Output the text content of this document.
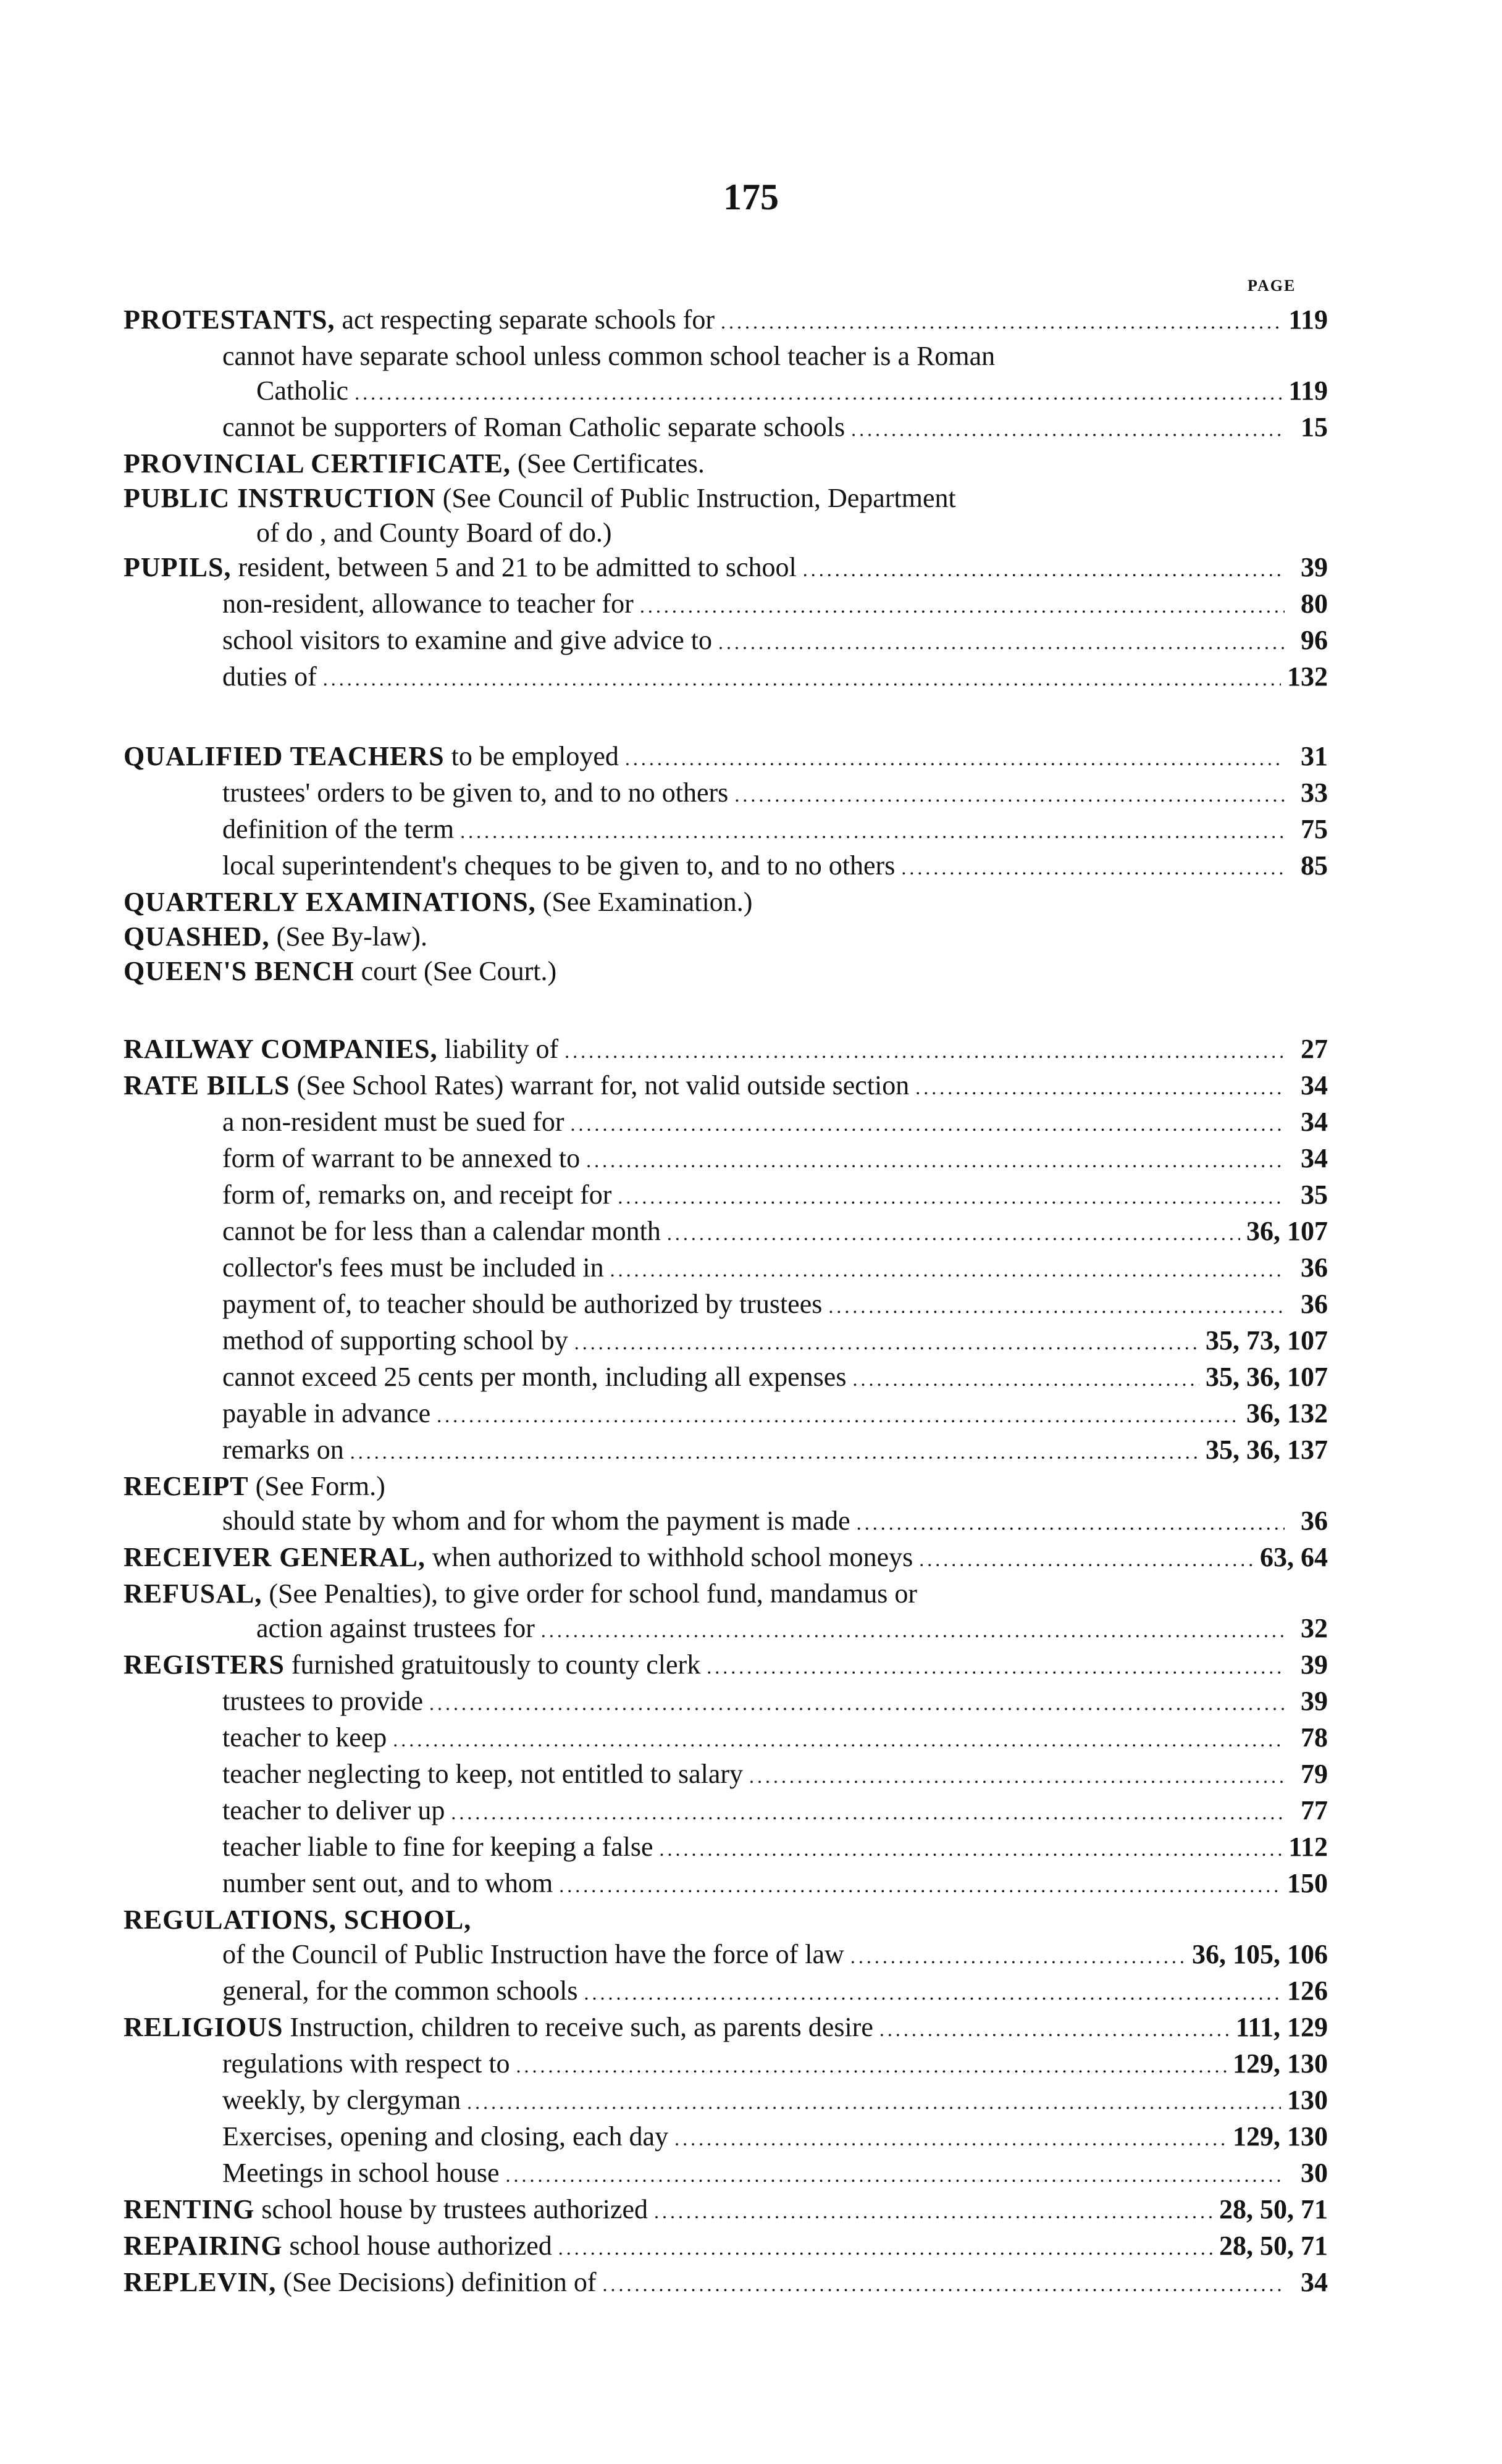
175
PAGE
PROTESTANTS, act respecting separate schools for .....	119
cannot have separate school unless common school teacher is a Roman
Catholic .....	119
cannot be supporters of Roman Catholic separate schools .....	15
PROVINCIAL CERTIFICATE, (See Certificates.
PUBLIC INSTRUCTION (See Council of Public Instruction, Department
of do , and County Board of do.)
PUPILS, resident, between 5 and 21 to be admitted to school .....	39
non-resident, allowance to teacher for .....	80
school visitors to examine and give advice to .....	96
duties of .....	132
QUALIFIED TEACHERS to be employed .....	31
trustees' orders to be given to, and to no others .....	33
definition of the term .....	75
local superintendent's cheques to be given to, and to no others .....	85
QUARTERLY EXAMINATIONS, (See Examination.)
QUASHED, (See By-law).
QUEEN'S BENCH court (See Court.)
RAILWAY COMPANIES, liability of .....	27
RATE BILLS (See School Rates) warrant for, not valid outside section .....	34
a non-resident must be sued for .....	34
form of warrant to be annexed to .....	34
form of, remarks on, and receipt for .....	35
cannot be for less than a calendar month .....	36, 107
collector's fees must be included in .....	36
payment of, to teacher should be authorized by trustees .....	36
method of supporting school by .....	35, 73, 107
cannot exceed 25 cents per month, including all expenses .....	35, 36, 107
payable in advance .....	36, 132
remarks on .....	35, 36, 137
RECEIPT (See Form.)
should state by whom and for whom the payment is made .....	36
RECEIVER GENERAL, when authorized to withhold school moneys .....	63, 64
REFUSAL, (See Penalties), to give order for school fund, mandamus or
action against trustees for .....	32
REGISTERS furnished gratuitously to county clerk .....	39
trustees to provide .....	39
teacher to keep .....	78
teacher neglecting to keep, not entitled to salary .....	79
teacher to deliver up .....	77
teacher liable to fine for keeping a false .....	112
number sent out, and to whom .....	150
REGULATIONS, SCHOOL,
of the Council of Public Instruction have the force of law .....	36, 105, 106
general, for the common schools .....	126
RELIGIOUS Instruction, children to receive such, as parents desire .....	111, 129
regulations with respect to .....	129, 130
weekly, by clergyman .....	130
Exercises, opening and closing, each day .....	129, 130
Meetings in school house .....	30
RENTING school house by trustees authorized .....	28, 50, 71
REPAIRING school house authorized .....	28, 50, 71
REPLEVIN, (See Decisions) definition of .....	34
